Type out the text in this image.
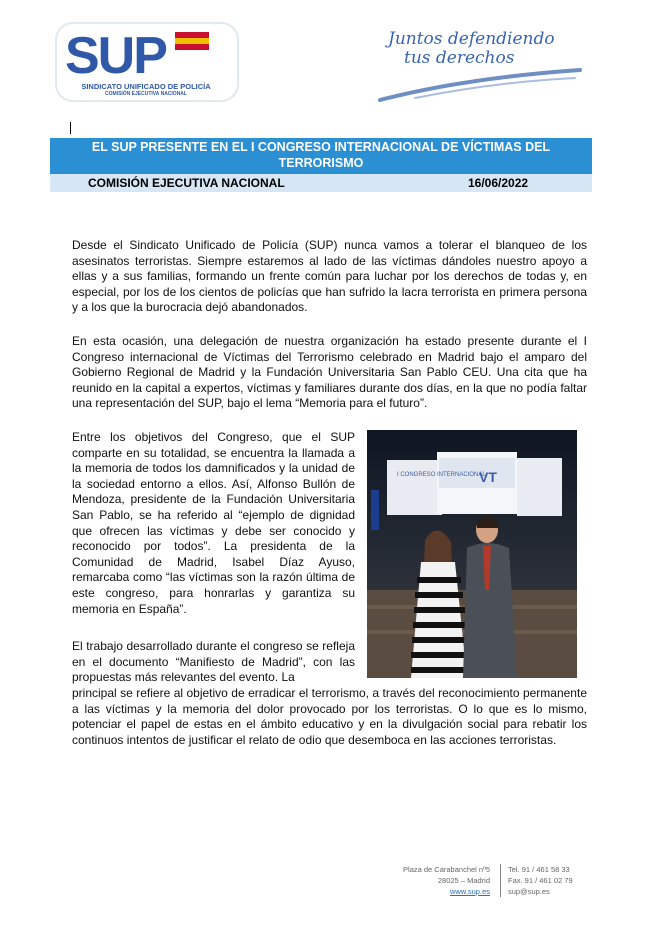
SUP
SINDICATO UNIFICADO DE POLICÍA
COMISIÓN EJECUTIVA NACIONAL
Juntos defendiendo
tus derechos
EL SUP PRESENTE EN EL I CONGRESO INTERNACIONAL DE VÍCTIMAS DEL
TERRORISMO
COMISIÓN EJECUTIVA NACIONAL	16/06/2022
Desde el Sindicato Unificado de Policía (SUP) nunca vamos a tolerar el blanqueo de los asesinatos terroristas. Siempre estaremos al lado de las víctimas dándoles nuestro apoyo a ellas y a sus familias, formando un frente común para luchar por los derechos de todas y, en especial, por los de los cientos de policías que han sufrido la lacra terrorista en primera persona y a los que la burocracia dejó abandonados.
En esta ocasión, una delegación de nuestra organización ha estado presente durante el I Congreso internacional de Víctimas del Terrorismo celebrado en Madrid bajo el amparo del Gobierno Regional de Madrid y la Fundación Universitaria San Pablo CEU. Una cita que ha reunido en la capital a expertos, víctimas y familiares durante dos días, en la que no podía faltar una representación del SUP, bajo el lema “Memoria para el futuro”.
Entre los objetivos del Congreso, que el SUP comparte en su totalidad, se encuentra la llamada a la memoria de todos los damnificados y la unidad de la sociedad entorno a ellos. Así, Alfonso Bullón de Mendoza, presidente de la Fundación Universitaria San Pablo, se ha referido al “ejemplo de dignidad que ofrecen las víctimas y debe ser conocido y reconocido por todos”. La presidenta de la Comunidad de Madrid, Isabel Díaz Ayuso, remarcaba como “las víctimas son la razón última de este congreso, para honrarlas y garantiza su memoria en España”.
El trabajo desarrollado durante el congreso se refleja en el documento “Manifiesto de Madrid”, con las propuestas más relevantes del evento. La
principal se refiere al objetivo de erradicar el terrorismo, a través del reconocimiento permanente a las víctimas y la memoria del dolor provocado por los terroristas. O lo que es lo mismo, potenciar el papel de estas en el ámbito educativo y en la divulgación social para rebatir los continuos intentos de justificar el relato de odio que desemboca en las acciones terroristas.
I CONGRESO INTERNACIONAL
VT
Plaza de Carabanchel nº5
28025 – Madrid
www.sup.es
Tel. 91 / 461 58 33
Fax. 91 / 461 02 79
sup@sup.es
